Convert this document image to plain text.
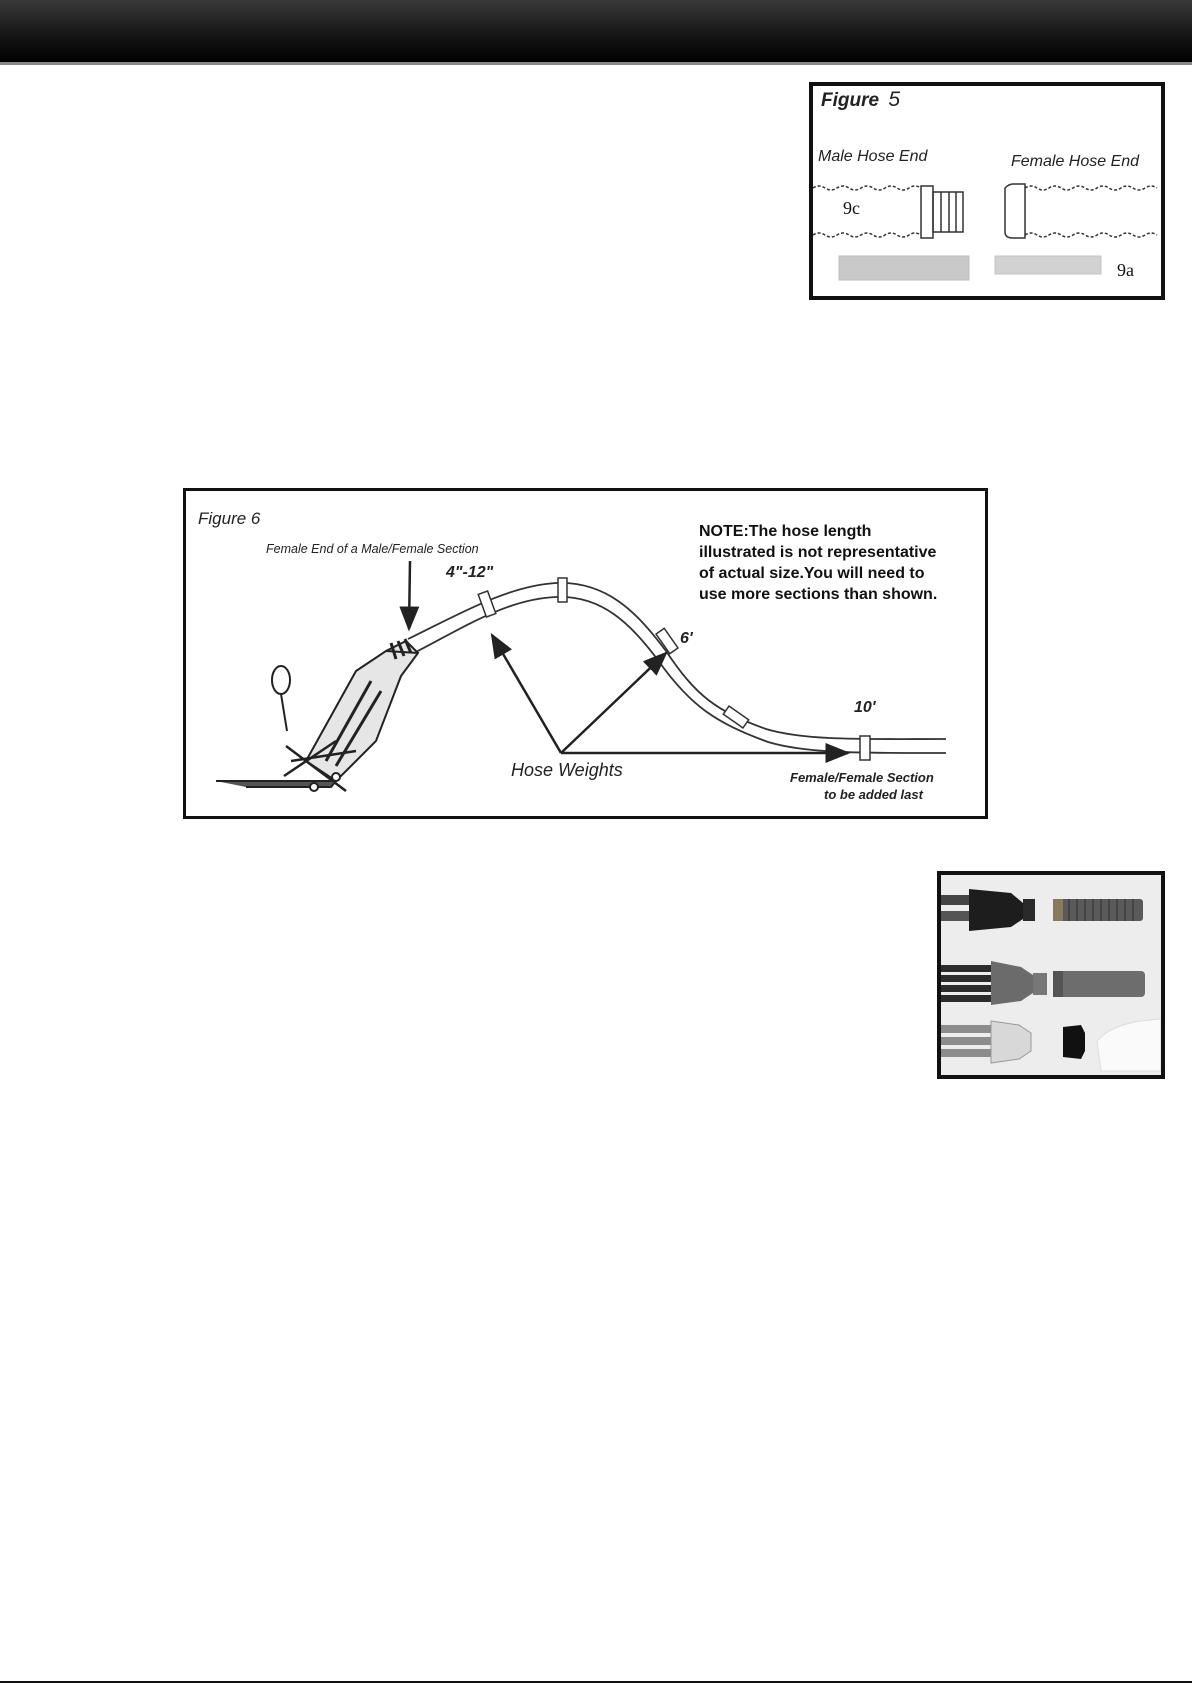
Figure 5
Male Hose End	Female Hose End
9c
9a
Figure 6
Female End of a Male/Female Section
4"-12"
6'
10'
Hose Weights	Female/Female Section
to be added last
NOTE:The hose length
illustrated is not representative
of actual size.You will need to
use more sections than shown.
